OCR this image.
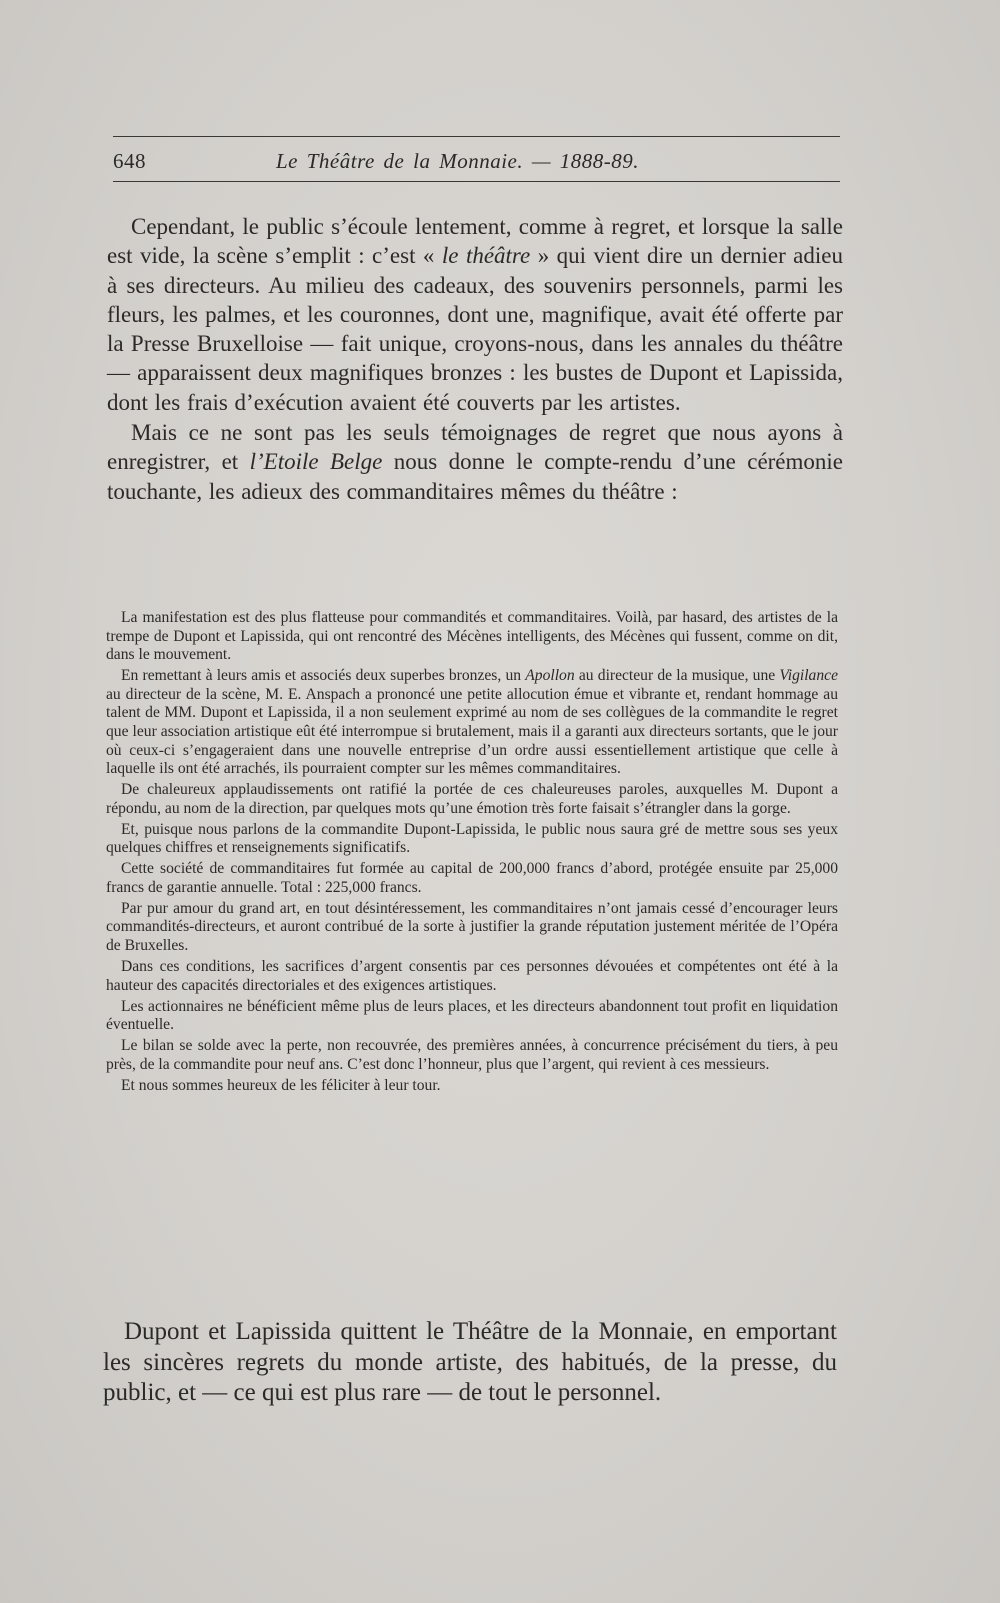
648	Le Théâtre de la Monnaie. — 1888-89.

Cependant, le public s’écoule lentement, comme à regret, et lorsque la salle est vide, la scène s’emplit : c’est « le théâtre » qui vient dire un dernier adieu à ses directeurs. Au milieu des cadeaux, des souvenirs personnels, parmi les fleurs, les palmes, et les couronnes, dont une, magnifique, avait été offerte par la Presse Bruxelloise — fait unique, croyons-nous, dans les annales du théâtre — apparaissent deux magnifiques bronzes : les bustes de Dupont et Lapissida, dont les frais d’exécution avaient été couverts par les artistes.

Mais ce ne sont pas les seuls témoignages de regret que nous ayons à enregistrer, et l’Etoile Belge nous donne le compte-rendu d’une cérémonie touchante, les adieux des commanditaires mêmes du théâtre :

La manifestation est des plus flatteuse pour commandités et commanditaires. Voilà, par hasard, des artistes de la trempe de Dupont et Lapissida, qui ont rencontré des Mécènes intelligents, des Mécènes qui fussent, comme on dit, dans le mouvement.

En remettant à leurs amis et associés deux superbes bronzes, un Apollon au directeur de la musique, une Vigilance au directeur de la scène, M. E. Anspach a prononcé une petite allocution émue et vibrante et, rendant hommage au talent de MM. Dupont et Lapissida, il a non seulement exprimé au nom de ses collègues de la commandite le regret que leur association artistique eût été interrompue si brutalement, mais il a garanti aux directeurs sortants, que le jour où ceux-ci s’engageraient dans une nouvelle entreprise d’un ordre aussi essentiellement artistique que celle à laquelle ils ont été arrachés, ils pourraient compter sur les mêmes commanditaires.

De chaleureux applaudissements ont ratifié la portée de ces chaleureuses paroles, auxquelles M. Dupont a répondu, au nom de la direction, par quelques mots qu’une émotion très forte faisait s’étrangler dans la gorge.

Et, puisque nous parlons de la commandite Dupont-Lapissida, le public nous saura gré de mettre sous ses yeux quelques chiffres et renseignements significatifs.

Cette société de commanditaires fut formée au capital de 200,000 francs d’abord, protégée ensuite par 25,000 francs de garantie annuelle. Total : 225,000 francs.

Par pur amour du grand art, en tout désintéressement, les commanditaires n’ont jamais cessé d’encourager leurs commandités-directeurs, et auront contribué de la sorte à justifier la grande réputation justement méritée de l’Opéra de Bruxelles.

Dans ces conditions, les sacrifices d’argent consentis par ces personnes dévouées et compétentes ont été à la hauteur des capacités directoriales et des exigences artistiques.

Les actionnaires ne bénéficient même plus de leurs places, et les directeurs abandonnent tout profit en liquidation éventuelle.

Le bilan se solde avec la perte, non recouvrée, des premières années, à concurrence précisément du tiers, à peu près, de la commandite pour neuf ans. C’est donc l’honneur, plus que l’argent, qui revient à ces messieurs.

Et nous sommes heureux de les féliciter à leur tour.

Dupont et Lapissida quittent le Théâtre de la Monnaie, en emportant les sincères regrets du monde artiste, des habitués, de la presse, du public, et — ce qui est plus rare — de tout le personnel.
